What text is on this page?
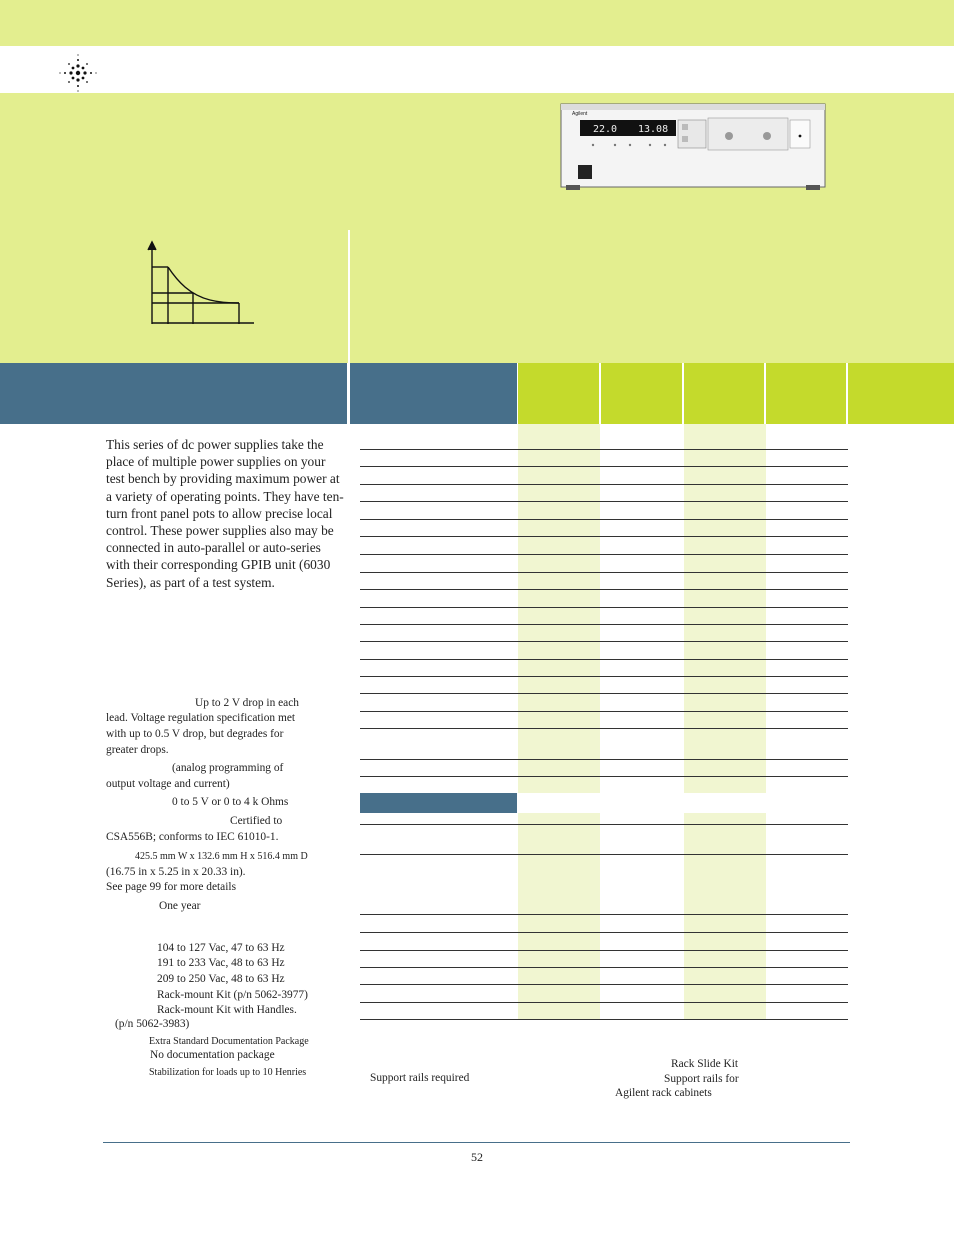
Agilent
22.0 13.08
This series of dc power supplies take the place of multiple power supplies on your test bench by providing maximum power at a variety of operating points. They have ten-turn front panel pots to allow precise local control. These power supplies also may be connected in auto-parallel or auto-series with their corresponding GPIB unit (6030 Series), as part of a test system.
Up to 2 V drop in each
lead. Voltage regulation specification met
with up to 0.5 V drop, but degrades for
greater drops.
(analog programming of
output voltage and current)
0 to 5 V or 0 to 4 k Ohms
Certified to
CSA556B; conforms to IEC 61010-1.
425.5 mm W x 132.6 mm H x 516.4 mm D
(16.75 in x 5.25 in x 20.33 in).
See page 99 for more details
One year
104 to 127 Vac, 47 to 63 Hz
191 to 233 Vac, 48 to 63 Hz
209 to 250 Vac, 48 to 63 Hz
Rack-mount Kit (p/n 5062-3977)
Rack-mount Kit with Handles.
(p/n 5062-3983)
Extra Standard Documentation Package
No documentation package
Stabilization for loads up to 10 Henries	Support rails required
Rack Slide Kit
Support rails for
Agilent rack cabinets
52
